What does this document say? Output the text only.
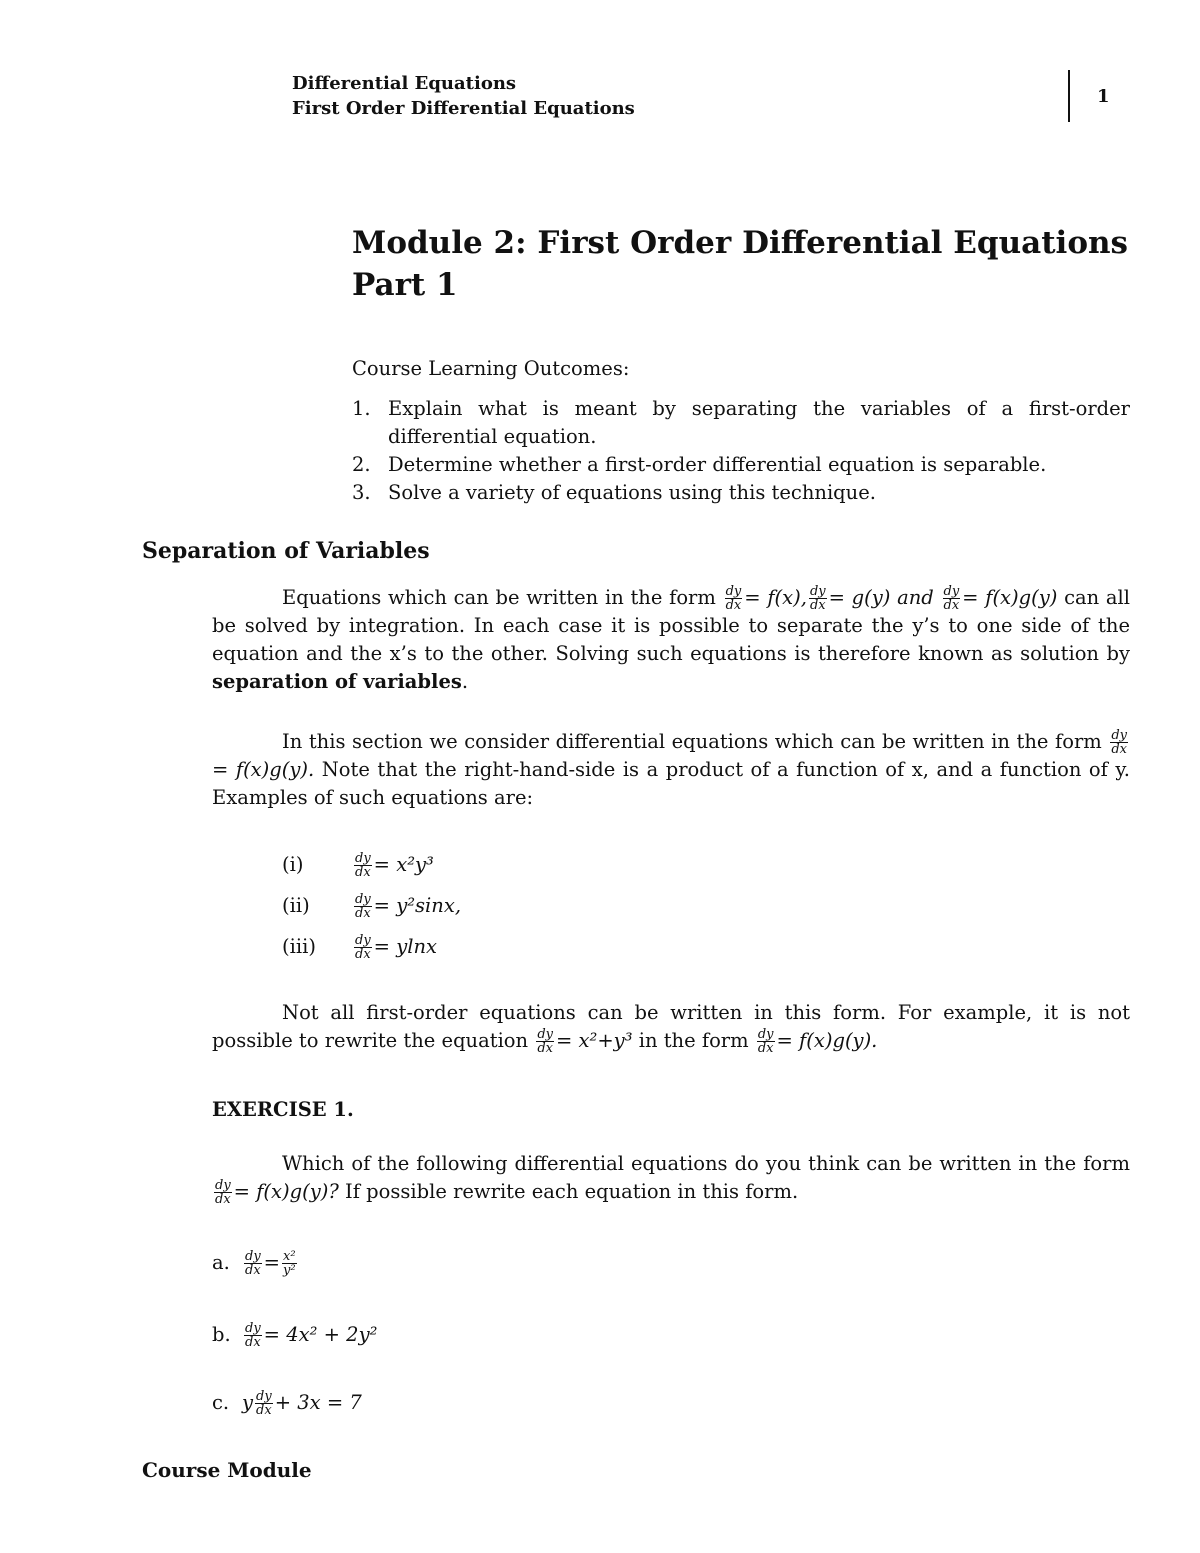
Differential Equations
First Order Differential Equations
1
Module 2: First Order Differential Equations
Part 1
Course Learning Outcomes:
1. Explain what is meant by separating the variables of a first-order differential equation.
2. Determine whether a first-order differential equation is separable.
3. Solve a variety of equations using this technique.
Separation of Variables
Equations which can be written in the form $\frac{dy}{dx} = f(x)$, $\frac{dy}{dx} = g(y)$ and $\frac{dy}{dx} = f(x)g(y)$ can all be solved by integration. In each case it is possible to separate the y’s to one side of the equation and the x’s to the other. Solving such equations is therefore known as solution by separation of variables.
In this section we consider differential equations which can be written in the form $\frac{dy}{dx}$
= f(x)g(y). Note that the right-hand-side is a product of a function of x, and a function of y. Examples of such equations are:
(i)	$\frac{dy}{dx} = x^2y^3$
(ii)	$\frac{dy}{dx} = y^2\sin x$,
(iii)	$\frac{dy}{dx} = ylnx$
Not all first-order equations can be written in this form. For example, it is not possible to rewrite the equation $\frac{dy}{dx} = x^2+y^3$ in the form $\frac{dy}{dx} = f(x)g(y)$.
EXERCISE 1.
Which of the following differential equations do you think can be written in the form
$\frac{dy}{dx} = f(x)g(y)$? If possible rewrite each equation in this form.
a. $\frac{dy}{dx} = \frac{\text{x²}}{\text{y²}}$
b. $\frac{dy}{dx} = 4x^2 + 2y^2$
c. y $\frac{dy}{dx} + 3x = 7$
Course Module
